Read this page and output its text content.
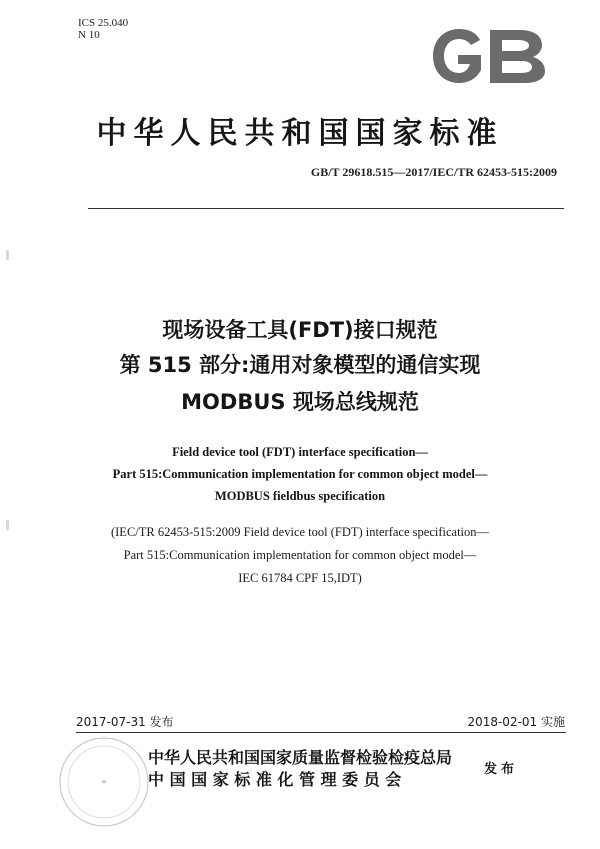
ICS 25.040
N 10
中华人民共和国国家标准
GB/T 29618.515—2017/IEC/TR 62453-515:2009
现场设备工具(FDT)接口规范
第 515 部分:通用对象模型的通信实现
MODBUS 现场总线规范
Field device tool (FDT) interface specification—
Part 515:Communication implementation for common object model—
MODBUS fieldbus specification
(IEC/TR 62453-515:2009 Field device tool (FDT) interface specification—
Part 515:Communication implementation for common object model—
IEC 61784 CPF 15,IDT)
2017-07-31 发布	2018-02-01 实施
★
中华人民共和国国家质量监督检验检疫总局
中 国 国 家 标 准 化 管 理 委 员 会
发布
